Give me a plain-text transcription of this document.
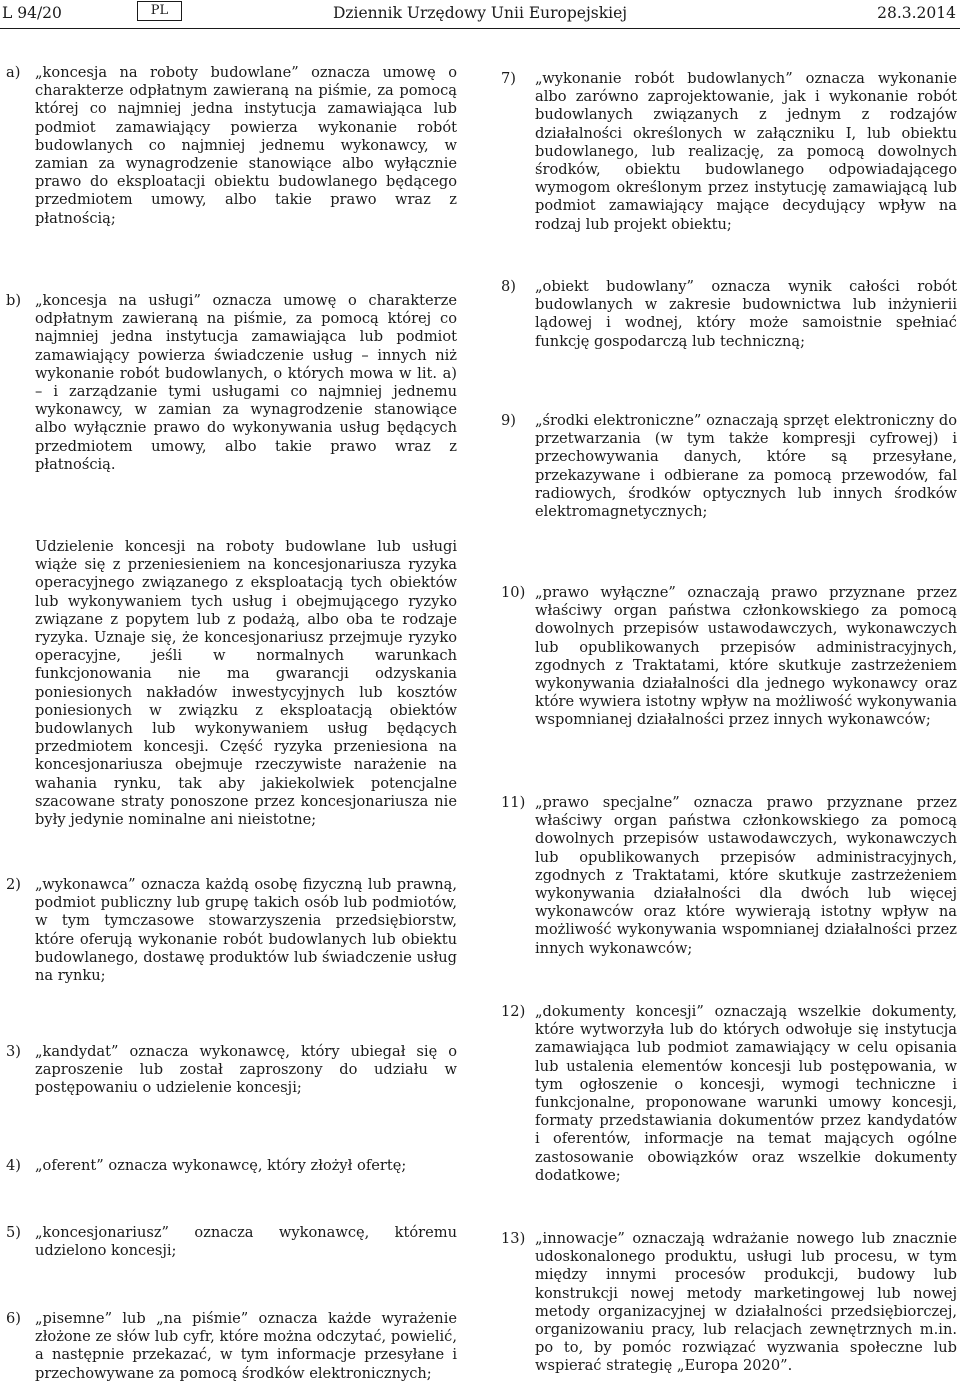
L 94/20	PL	Dziennik Urzędowy Unii Europejskiej	28.3.2014
a) „koncesja na roboty budowlane” oznacza umowę o charakterze odpłatnym zawieraną na piśmie, za pomocą której co najmniej jedna instytucja zamawiająca lub podmiot zamawiający powierza wykonanie robót budowlanych co najmniej jednemu wykonawcy, w zamian za wynagrodzenie stanowiące albo wyłącznie prawo do eksploatacji obiektu budowlanego będącego przedmiotem umowy, albo takie prawo wraz z płatnością;
b) „koncesja na usługi” oznacza umowę o charakterze odpłatnym zawieraną na piśmie, za pomocą której co najmniej jedna instytucja zamawiająca lub podmiot zamawiający powierza świadczenie usług – innych niż wykonanie robót budowlanych, o których mowa w lit. a) – i zarządzanie tymi usługami co najmniej jednemu wykonawcy, w zamian za wynagrodzenie stanowiące albo wyłącznie prawo do wykonywania usług będących przedmiotem umowy, albo takie prawo wraz z płatnością.
Udzielenie koncesji na roboty budowlane lub usługi wiąże się z przeniesieniem na koncesjonariusza ryzyka operacyjnego związanego z eksploatacją tych obiektów lub wykonywaniem tych usług i obejmującego ryzyko związane z popytem lub z podażą, albo oba te rodzaje ryzyka. Uznaje się, że koncesjonariusz przejmuje ryzyko operacyjne, jeśli w normalnych warunkach funkcjonowania nie ma gwarancji odzyskania poniesionych nakładów inwestycyjnych lub kosztów poniesionych w związku z eksploatacją obiektów budowlanych lub wykonywaniem usług będących przedmiotem koncesji. Część ryzyka przeniesiona na koncesjonariusza obejmuje rzeczywiste narażenie na wahania rynku, tak aby jakiekolwiek potencjalne szacowane straty ponoszone przez koncesjonariusza nie były jedynie nominalne ani nieistotne;
2) „wykonawca” oznacza każdą osobę fizyczną lub prawną, podmiot publiczny lub grupę takich osób lub podmiotów, w tym tymczasowe stowarzyszenia przedsiębiorstw, które oferują wykonanie robót budowlanych lub obiektu budowlanego, dostawę produktów lub świadczenie usług na rynku;
3) „kandydat” oznacza wykonawcę, który ubiegał się o zaproszenie lub został zaproszony do udziału w postępowaniu o udzielenie koncesji;
4) „oferent” oznacza wykonawcę, który złożył ofertę;
5) „koncesjonariusz” oznacza wykonawcę, któremu udzielono koncesji;
6) „pisemne” lub „na piśmie” oznacza każde wyrażenie złożone ze słów lub cyfr, które można odczytać, powielić, a następnie przekazać, w tym informacje przesyłane i przechowywane za pomocą środków elektronicznych;
7) „wykonanie robót budowlanych” oznacza wykonanie albo zarówno zaprojektowanie, jak i wykonanie robót budowlanych związanych z jednym z rodzajów działalności określonych w załączniku I, lub obiektu budowlanego, lub realizację, za pomocą dowolnych środków, obiektu budowlanego odpowiadającego wymogom określonym przez instytucję zamawiającą lub podmiot zamawiający mające decydujący wpływ na rodzaj lub projekt obiektu;
8) „obiekt budowlany” oznacza wynik całości robót budowlanych w zakresie budownictwa lub inżynierii lądowej i wodnej, który może samoistnie spełniać funkcję gospodarczą lub techniczną;
9) „środki elektroniczne” oznaczają sprzęt elektroniczny do przetwarzania (w tym także kompresji cyfrowej) i przechowywania danych, które są przesyłane, przekazywane i odbierane za pomocą przewodów, fal radiowych, środków optycznych lub innych środków elektromagnetycznych;
10) „prawo wyłączne” oznaczają prawo przyznane przez właściwy organ państwa członkowskiego za pomocą dowolnych przepisów ustawodawczych, wykonawczych lub opublikowanych przepisów administracyjnych, zgodnych z Traktatami, które skutkuje zastrzeżeniem wykonywania działalności dla jednego wykonawcy oraz które wywiera istotny wpływ na możliwość wykonywania wspomnianej działalności przez innych wykonawców;
11) „prawo specjalne” oznacza prawo przyznane przez właściwy organ państwa członkowskiego za pomocą dowolnych przepisów ustawodawczych, wykonawczych lub opublikowanych przepisów administracyjnych, zgodnych z Traktatami, które skutkuje zastrzeżeniem wykonywania działalności dla dwóch lub więcej wykonawców oraz które wywierają istotny wpływ na możliwość wykonywania wspomnianej działalności przez innych wykonawców;
12) „dokumenty koncesji” oznaczają wszelkie dokumenty, które wytworzyła lub do których odwołuje się instytucja zamawiająca lub podmiot zamawiający w celu opisania lub ustalenia elementów koncesji lub postępowania, w tym ogłoszenie o koncesji, wymogi techniczne i funkcjonalne, proponowane warunki umowy koncesji, formaty przedstawiania dokumentów przez kandydatów i oferentów, informacje na temat mających ogólne zastosowanie obowiązków oraz wszelkie dokumenty dodatkowe;
13) „innowacje” oznaczają wdrażanie nowego lub znacznie udoskonalonego produktu, usługi lub procesu, w tym między innymi procesów produkcji, budowy lub konstrukcji nowej metody marketingowej lub nowej metody organizacyjnej w działalności przedsiębiorczej, organizowaniu pracy, lub relacjach zewnętrznych m.in. po to, by pomóc rozwiązać wyzwania społeczne lub wspierać strategię „Europa 2020”.
